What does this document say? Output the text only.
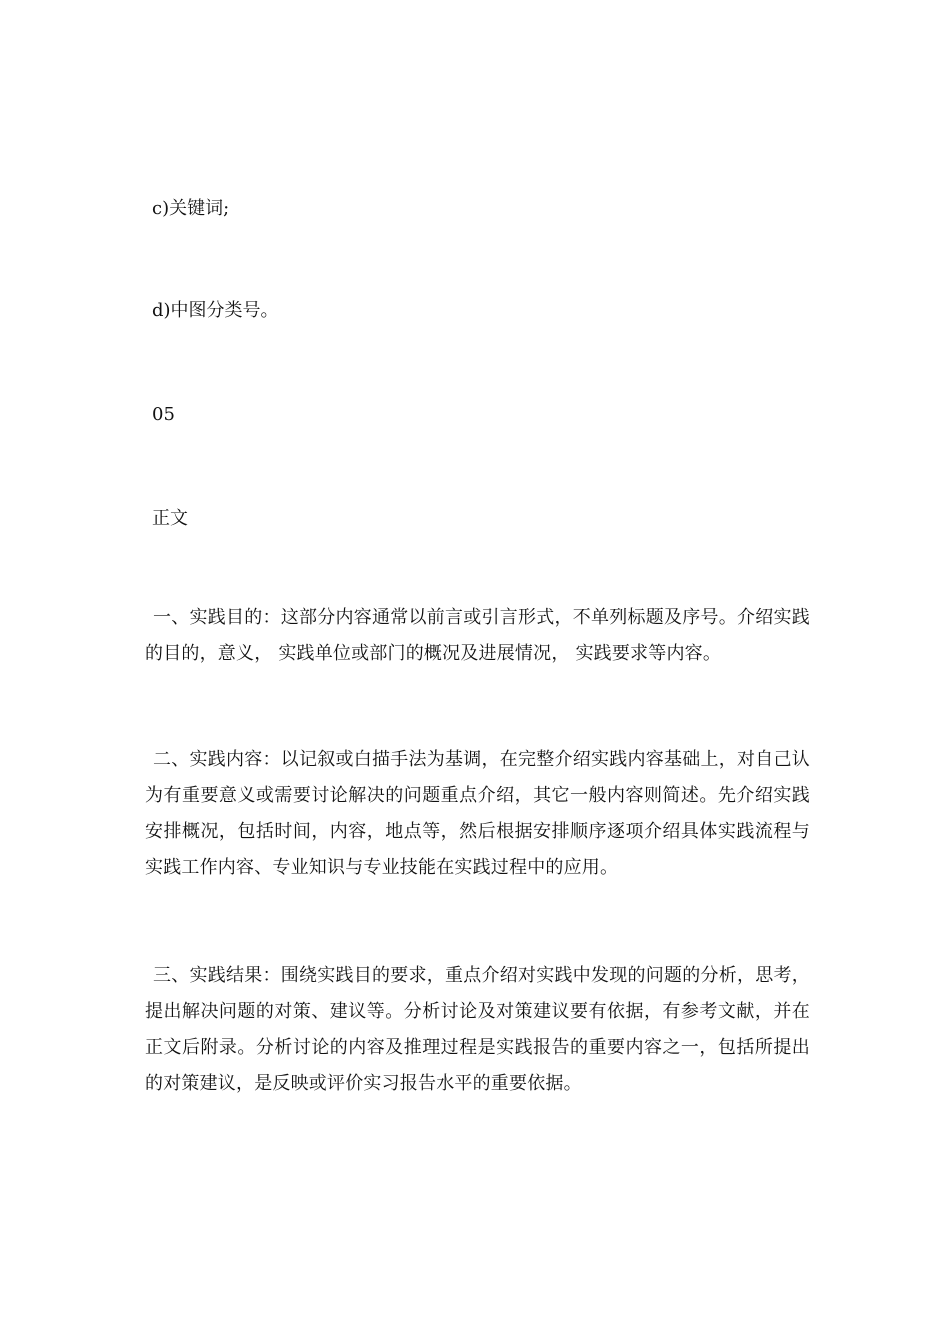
c)关键词;
d)中图分类号。
05
正文

一、实践目的：这部分内容通常以前言或引言形式，不单列标题及序号。介绍实践的目的，意义， 实践单位或部门的概况及进展情况， 实践要求等内容。

二、实践内容：以记叙或白描手法为基调，在完整介绍实践内容基础上，对自己认为有重要意义或需要讨论解决的问题重点介绍，其它一般内容则简述。先介绍实践安排概况，包括时间，内容，地点等，然后根据安排顺序逐项介绍具体实践流程与实践工作内容、专业知识与专业技能在实践过程中的应用。

三、实践结果：围绕实践目的要求，重点介绍对实践中发现的问题的分析，思考，提出解决问题的对策、建议等。分析讨论及对策建议要有依据，有参考文献，并在正文后附录。分析讨论的内容及推理过程是实践报告的重要内容之一，包括所提出的对策建议，是反映或评价实习报告水平的重要依据。
